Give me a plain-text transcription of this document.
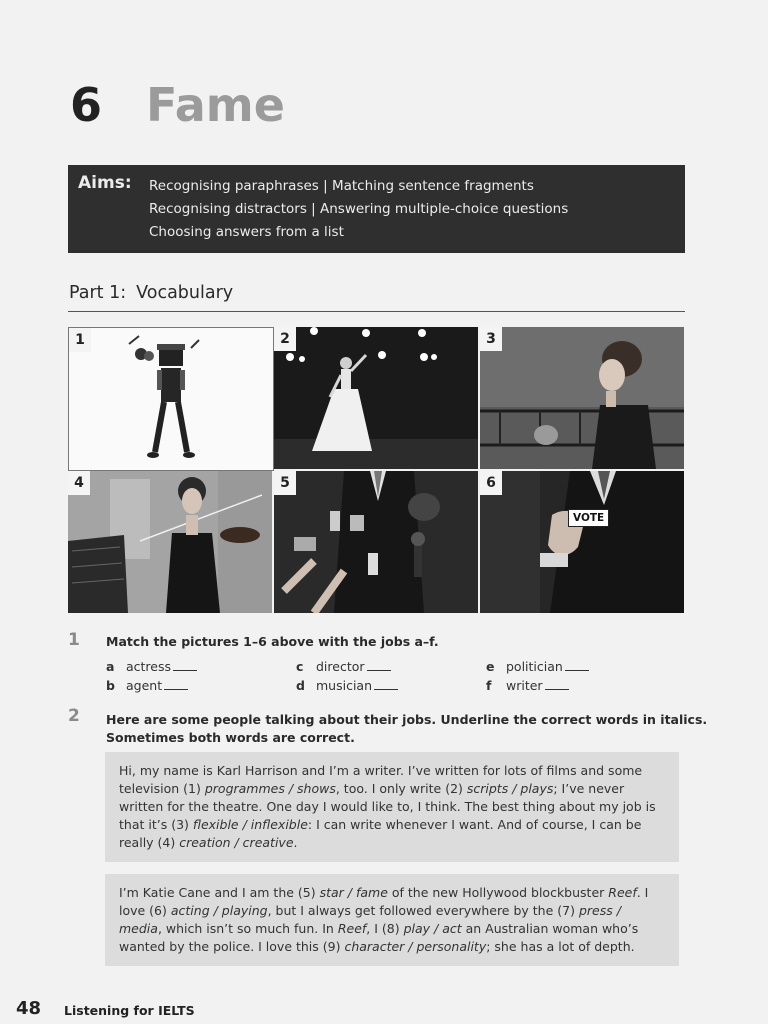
6 Fame
Aims: Recognising paraphrases | Matching sentence fragments
Recognising distractors | Answering multiple-choice questions
Choosing answers from a list
Part 1: Vocabulary
1	2	3
4	5
VOTE
6
1 Match the pictures 1–6 above with the jobs a–f.
a actress
b agent
c director
d musician
e politician
f writer
2 Here are some people talking about their jobs. Underline the correct words in italics.
Sometimes both words are correct.

Hi, my name is Karl Harrison and I’m a writer. I’ve written for lots of films and some television (1) programmes / shows, too. I only write (2) scripts / plays; I’ve never written for the theatre. One day I would like to, I think. The best thing about my job is that it’s (3) flexible / inflexible: I can write whenever I want. And of course, I can be really (4) creation / creative.

I’m Katie Cane and I am the (5) star / fame of the new Hollywood blockbuster Reef. I love (6) acting / playing, but I always get followed everywhere by the (7) press / media, which isn’t so much fun. In Reef, I (8) play / act an Australian woman who’s wanted by the police. I love this (9) character / personality; she has a lot of depth.

48 Listening for IELTS
